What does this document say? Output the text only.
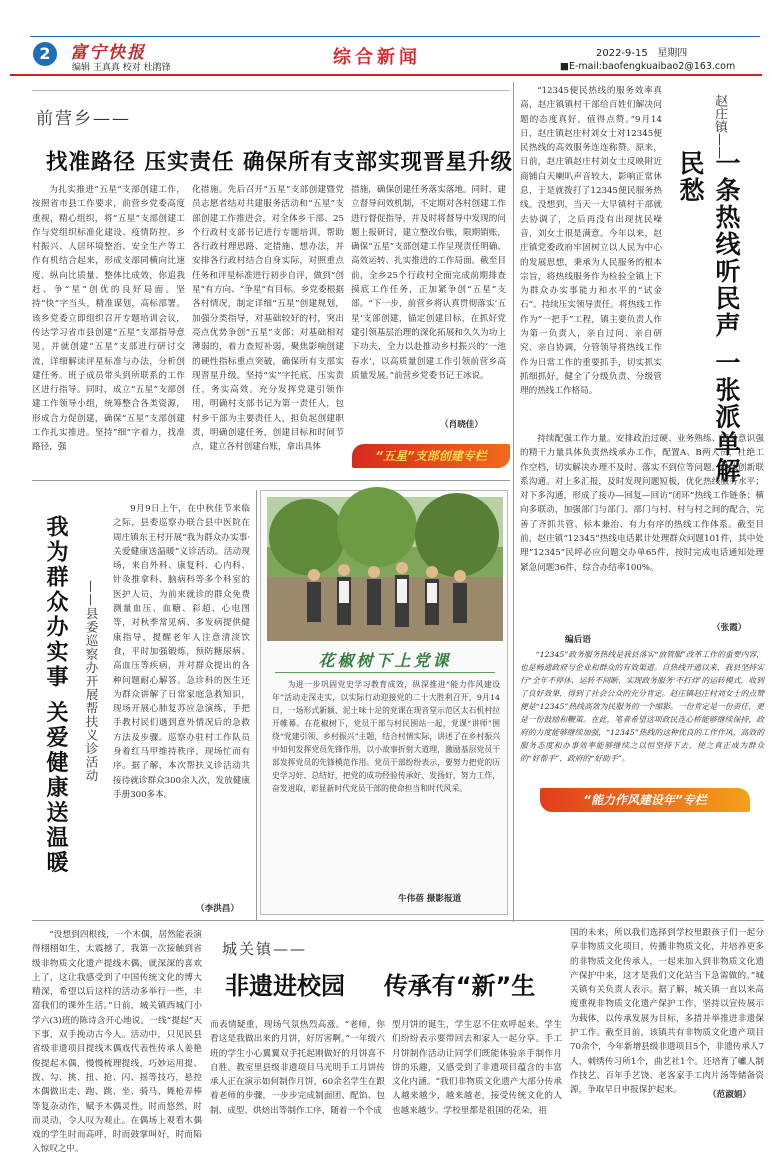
2	富宁快报
编辑 王真真 校对 杜鹃锋	综合新闻	2022-9-15 星期四
■E-mail:baofengkuaibao2@163.com
前营乡——
找准路径 压实责任 确保所有支部实现晋星升级

为扎实推进“五星”支部创建工作，按照省市县工作要求，前营乡党委高度重视，精心组织，将“五星”支部创建工作与党组织标准化建设、疫情防控、乡村振兴、人居环境整治、安全生产等工作有机结合起来，形成支部同横向比速度、纵向比质量、整体比成效，你追我赶、争“星”创优的良好局面。坚持“快”字当头，精准谋划，高标部署。该乡党委立即组织召开专题培训会议，传达学习省市县创建“五星”支部指导意见，并就创建“五星”支部进行研讨交流，详细解读评星标准与办法，分析创建任务。班子成员带头到所联系的工作区进行指导。同时，成立“五星”支部创建工作领导小组，统筹整合各类资源，形成合力促创建，确保“五星”支部创建工作扎实推进。坚持“细”字着力，找准路径，强

化措施。先后召开“五星”支部创建暨党员志愿者结对共建服务活动和“五星”支部创建工作推进会，对全体乡干部、25个行政村支部书记进行专题培训，帮助各行政村理思路、定措施、想办法，并安排各行政村结合自身实际，对照重点任务和评星标准进行初步自评，做到“创星”有方向、“争星”有目标。乡党委根据各村情况，制定详细“五星”创建规划，加强分类指导，对基础较好的村，突出亮点优势争创“五星”支部；对基础相对薄弱的，着力查短补弱，聚焦影响创建的硬性指标重点突破，确保所有支部实现晋星升级。坚持“实”字托底，压实责任，务实高效。充分发挥党建引领作用，明确村支部书记为第一责任人，包村乡干部为主要责任人，担负起创建职责，明确创建任务，创建目标和时间节点，建立各村创建台账，拿出具体

措施，确保创建任务落实落地。同时，建立督导问效机制，不定期对各村创建工作进行督促指导，并及时将督导中发现的问题上报研讨，建立整改台账，限期销账，确保“五星”支部创建工作呈现责任明确、高效运转、扎实推进的工作局面。截至目前，全乡25个行政村全面完成前期排查摸底工作任务，正加紧争创“五星”支部。“下一步，前营乡将认真贯彻落实‘五星’支部创建，锚定创建目标，在抓好党建引领基层治理的深化拓展和久久为功上下功夫，全力以赴推动乡村振兴的‘一池春水’，以高质量创建工作引领前营乡高质量发展。”前营乡党委书记王冰说。

（肖晓佳）
“五星”支部创建专栏
我为群众办实事 关爱健康送温暖 ——县委巡察办开展帮扶义诊活动

9月9日上午，在中秋佳节来临之际，县委巡察办联合县中医院在周庄镇东王村开展“我为群众办实事·关爱健康送温暖”义诊活动。活动现场，来自外科、康复科、心内科、针灸推拿科、脑病科等多个科室的医护人员，为前来就诊的群众免费测量血压、血糖、彩超、心电图等，对秋季常见病、多发病提供健康指导，提醒老年人注意清淡饮食，平时加强锻炼，预防糖尿病、高血压等疾病，并对群众提出的各种问题耐心解答。急诊科的医生还为群众讲解了日常家庭急救知识，现场开展心肺复苏应急演练，手把手教村民们遇到意外情况后的急救方法及步骤。巡察办驻村工作队员身着红马甲维持秩序，现场忙而有序。据了解，本次帮扶义诊活动共接待就诊群众300余人次，发放健康手册300多本。

（李洪昌）
花椒树下上党课

为进一步巩固党史学习教育成效，纵深推进“能力作风建设年”活动走深走实，以实际行动迎接党的二十大胜利召开，9月14日，一场形式新颖、泥土味十足的党课在现音堂示范区太石机村拉开帷幕。在花椒树下，党员干部与村民围站一起，党课“讲师”围绕“党建引领、乡村振兴”主题，结合村情实际，讲述了在乡村振兴中如何发挥党员先锋作用，以小故事折射大道理，激励基层党员干部发挥党员的先锋模范作用。党员干部纷纷表示，要努力把党的历史学习好、总结好，把党的成功经验传承好、发扬好，努力工作，奋发进取，彰显新时代党员干部的使命担当和时代风采。

牛伟蓓 摄影报道

“12345便民热线的服务效率真高，赵庄镇镇村干部给百姓们解决问题的态度真好，值得点赞。”9月14日，赵庄镇赵庄村刘女士对12345便民热线的高效服务连连称赞。原来，日前，赵庄镇赵庄村刘女士反映附近商铺白天喇叭声音较大，影响正常休息，于是就拨打了12345便民服务热线。没想到，当天一大早镇村干部就去协调了，之后再没有出现扰民噪音，刘女士很是满意。今年以来，赵庄镇党委政府牢固树立以人民为中心的发展思想，秉承为人民服务的根本宗旨，将热线服务作为检验全镇上下为群众办实事能力和水平的“试金石”。持续压实领导责任。将热线工作作为“一把手”工程，镇主要负责人作为第一负责人，亲自过问、亲自研究、亲自协调，分管领导将热线工作作为日常工作的重要抓手，切实抓实抓细抓好，健全了分级负责、分级管理的热线工作格局。

赵庄镇——
一条热线听民声 一张派单解民愁

持续配强工作力量。安排政治过硬、业务熟练、服务意识强的精干力量具体负责热线承办工作，配置A、B两人员，杜绝工作空档，切实解决办理不及时、落实不到位等问题。持续创新联系沟通。对上多汇报，及时发现问题短板，优化热线服务水平；对下多沟通，形成了接办—回复—回访“闭环”热线工作链条；横向多联动，加强部门与部门、部门与村、村与村之间的配合，完善了齐抓共管、标本兼治、有力有序的热线工作体系。截至目前，赵庄镇“12345”热线电话累计处理群众问题101件，其中处理“12345”民呼必应问题交办单65件，按时完成电话通知处理紧急问题36件，综合办结率100%。

（张霞）
编后语

“12345”政务服务热线是我县落实“放管服”改革工作的重要内容，也是畅通政府与企业和群众的有效渠道。自热线开通以来，我县坚持实行“全年不停休、运转不间断，实现政务服务‘不打烊’的运转模式，收到了良好效果，得到了社会公众的充分肯定。赵庄镇赵庄村刘女士的点赞便是“12345”热线高效为民服务的一个缩影。一份肯定是一份责任，更是一份鼓励和鞭策。在此，笔者希望这项政民连心桥能够继续保持，政府的力度能够继续加强，“12345”热线的这种优良的工作作风，高效的服务态度和办事效率能够继续之以恒坚持下去，使之真正成为群众的“好帮手”、政府的“好助手”。

“能力作风建设年”专栏

“没想到四根线，一个木偶，居然能表演得栩栩如生，太震撼了，我第一次接触到省级非物质文化遗产提线木偶，就深深的喜欢上了，这让我感受到了中国传统文化的博大精深，希望以后这样的活动多举行一些，丰富我们的课外生活。”日前，城关镇西城门小学六(3)班的陈诗含开心地说。一线“提起”天下事，双手挽动古今人。活动中，只见民县省级非遗项目提线木偶戏代表性传承人姜艳俊提起木偶，慢慢梳理提线，巧妙运用提、拨、勾、挑、扭、抢、闪、摇等技巧，悬控木偶做出走、跑、跳、坐、骑马、舞枪弄棒等复杂动作，赋予木偶灵性，时而悠然，时而灵动，令人叹为观止。在偶场上观看木偶戏的学生时而高呼，时而鼓掌叫好，时而陷入惊叹之中。

城关镇——
非遗进校园 传承有“新”生

而表情疑重，现场气氛热烈高涨。“老师，你看这是我做出来的月饼，好厉害啊。”一年级六班的学生小心翼翼双手托起刚做好的月饼喜不自胜。教室里县级非遗项目马光明手工月饼传承人正在演示如何制作月饼，60余名学生在跟着老师的步骤，一步步完成制面团、配馅、包制、成型、烘焙出等制作工序，随着一个个成

型月饼的诞生，学生忍不住欢呼起来。学生们纷纷表示要带回去和家人一起分享。手工月饼制作活动让同学们既能体验亲手制作月饼的乐趣，又感受到了非遗项目蕴含的丰富文化内涵。“我们非物质文化遗产大部分传承人越来越少，越来越老，接受传统文化的人也越来越少。学校里都是祖国的花朵，祖

国的未来，所以我们选择到学校里跟孩子们一起分享非物质文化项目，传播非物质文化，并培养更多的非物质文化传承人，一起来加入到非物质文化遗产保护中来，这才是我们文化站当下急需做的。”城关镇有关负责人表示。据了解，城关镇一直以来高度重视非物质文化遗产保护工作，坚持以宣传展示为载体，以传承发展为目标，多措并举推进非遗保护工作。截至目前，该镇共有非物质文化遗产项目70余个，今年新增县级非遗项目5个，非遗传承人7人，刺绣传习所1个，曲艺社1个。还培育了巘人制作技艺、百年手艺饶、老客家手工肉片汤等储备资源，争取早日申报保护起来。	（范淑娟）
